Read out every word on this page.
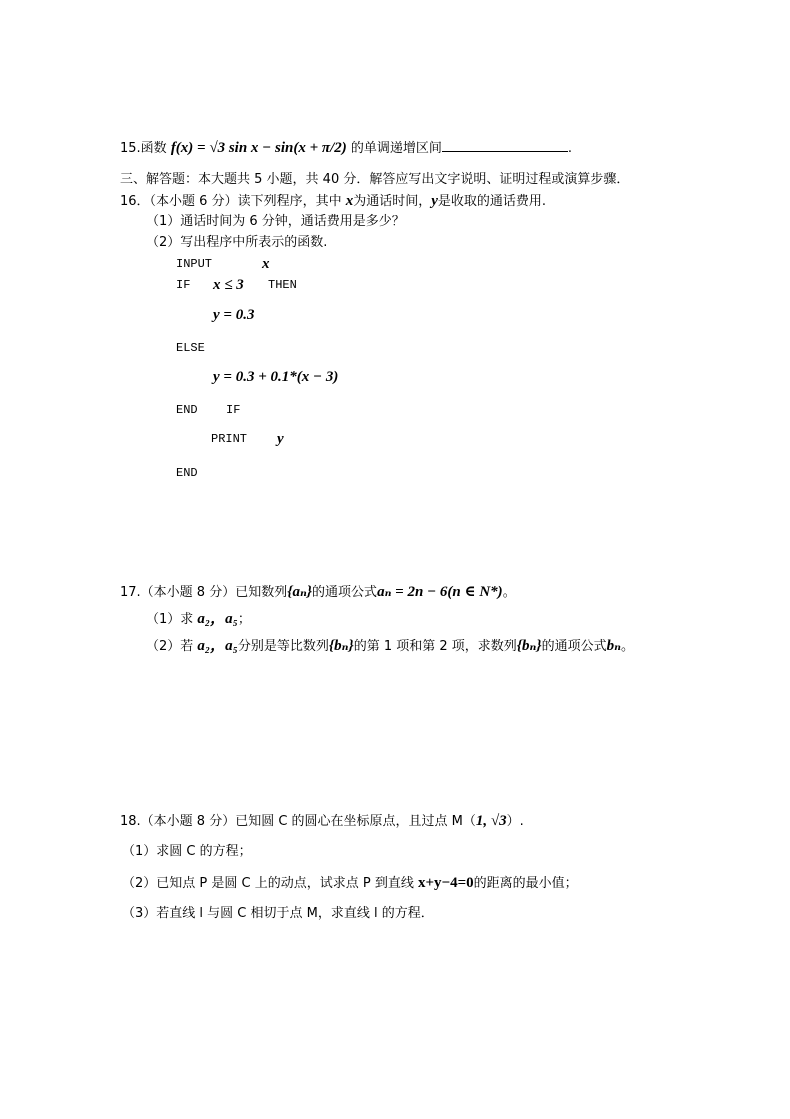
15.函数 f(x) = √3 sin x − sin(x + π/2) 的单调递增区间	.
三、解答题：本大题共 5 小题，共 40 分．解答应写出文字说明、证明过程或演算步骤．
16．（本小题 6 分）读下列程序，其中 x为通话时间，y是收取的通话费用.
（1）通话时间为 6 分钟，通话费用是多少？
（2）写出程序中所表示的函数.
INPUT	x
IF x ≤ 3 THEN
y = 0.3
ELSE
y = 0.3 + 0.1*(x − 3)
END IF
PRINT y
END
17.（本小题 8 分）已知数列{aₙ}的通项公式aₙ = 2n − 6(n ∈ N*)。
（1）求 a₂，a₅；
（2）若 a₂，a₅分别是等比数列{bₙ}的第 1 项和第 2 项，求数列{bₙ}的通项公式bₙ。
18.（本小题 8 分）已知圆 C 的圆心在坐标原点，且过点 M（1, √3）.
（1）求圆 C 的方程；
（2）已知点 P 是圆 C 上的动点，试求点 P 到直线 x+y−4=0的距离的最小值；
（3）若直线 l 与圆 C 相切于点 M，求直线 l 的方程．
